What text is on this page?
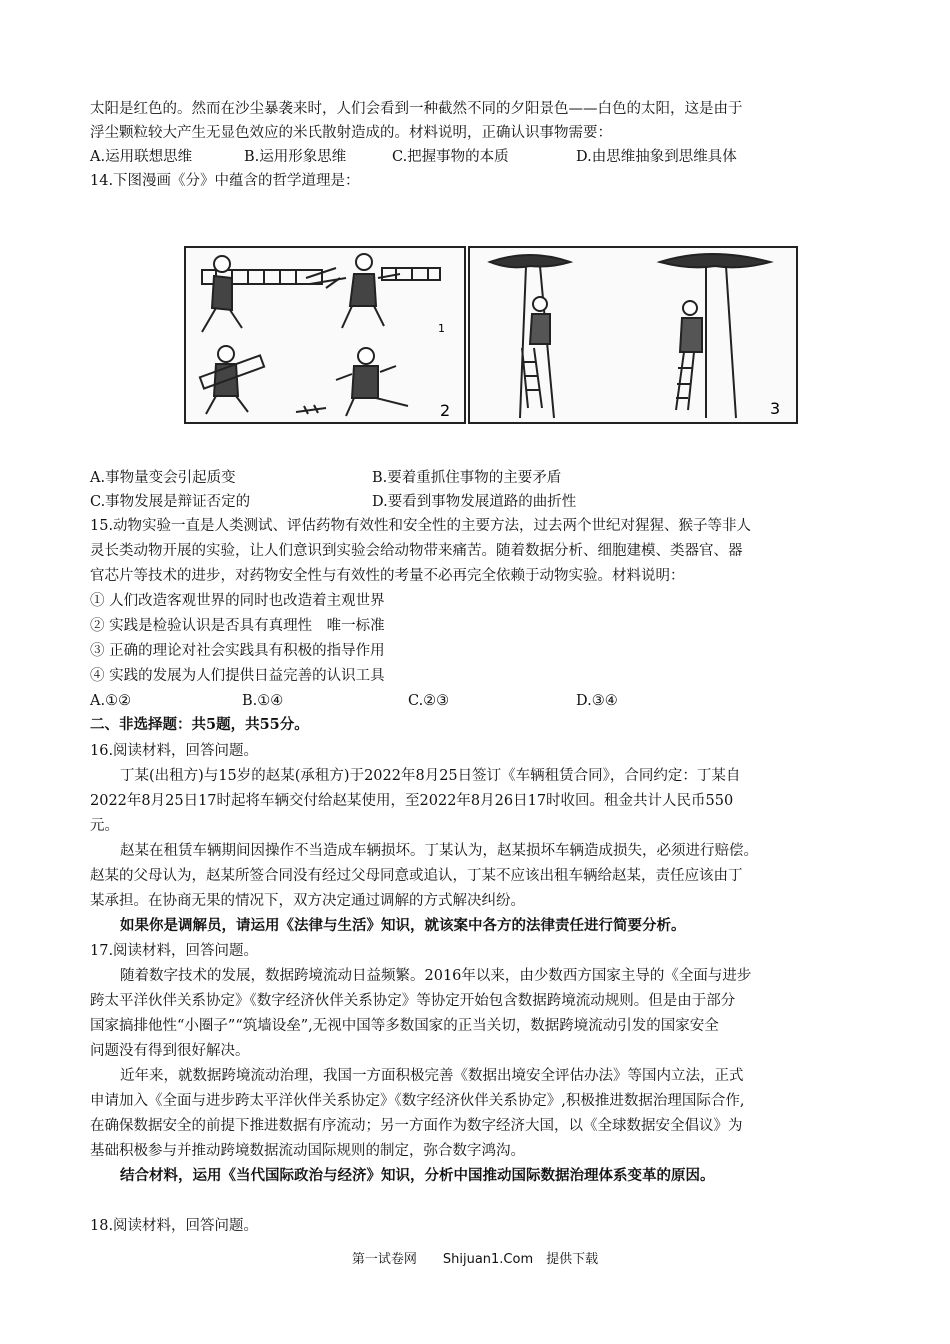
太阳是红色的。然而在沙尘暴袭来时，人们会看到一种截然不同的夕阳景色——白色的太阳，这是由于
浮尘颗粒较大产生无显色效应的米氏散射造成的。材料说明，正确认识事物需要：
A.运用联想思维	B.运用形象思维	C.把握事物的本质	D.由思维抽象到思维具体
14.下图漫画《分》中蕴含的哲学道理是：
1
2	3
A.事物量变会引起质变	B.要着重抓住事物的主要矛盾
C.事物发展是辩证否定的	D.要看到事物发展道路的曲折性
15.动物实验一直是人类测试、评估药物有效性和安全性的主要方法，过去两个世纪对猩猩、猴子等非人
灵长类动物开展的实验，让人们意识到实验会给动物带来痛苦。随着数据分析、细胞建模、类器官、器
官芯片等技术的进步，对药物安全性与有效性的考量不必再完全依赖于动物实验。材料说明：
① 人们改造客观世界的同时也改造着主观世界
② 实践是检验认识是否具有真理性　唯一标准
③ 正确的理论对社会实践具有积极的指导作用
④ 实践的发展为人们提供日益完善的认识工具
A.①②	B.①④	C.②③	D.③④
二、非选择题：共5题，共55分。
16.阅读材料，回答问题。
丁某(出租方)与15岁的赵某(承租方)于2022年8月25日签订《车辆租赁合同》，合同约定：丁某自
2022年8月25日17时起将车辆交付给赵某使用，至2022年8月26日17时收回。租金共计人民币550
元。
赵某在租赁车辆期间因操作不当造成车辆损坏。丁某认为，赵某损坏车辆造成损失，必须进行赔偿。
赵某的父母认为，赵某所签合同没有经过父母同意或追认，丁某不应该出租车辆给赵某，责任应该由丁
某承担。在协商无果的情况下，双方决定通过调解的方式解决纠纷。
如果你是调解员，请运用《法律与生活》知识，就该案中各方的法律责任进行简要分析。
17.阅读材料，回答问题。
随着数字技术的发展，数据跨境流动日益频繁。2016年以来，由少数西方国家主导的《全面与进步
跨太平洋伙伴关系协定》《数字经济伙伴关系协定》等协定开始包含数据跨境流动规则。但是由于部分
国家搞排他性“小圈子”“筑墙设垒”,无视中国等多数国家的正当关切，数据跨境流动引发的国家安全
问题没有得到很好解决。
近年来，就数据跨境流动治理，我国一方面积极完善《数据出境安全评估办法》等国内立法，正式
申请加入《全面与进步跨太平洋伙伴关系协定》《数字经济伙伴关系协定》,积极推进数据治理国际合作,
在确保数据安全的前提下推进数据有序流动；另一方面作为数字经济大国，以《全球数据安全倡议》为
基础积极参与并推动跨境数据流动国际规则的制定，弥合数字鸿沟。
结合材料，运用《当代国际政治与经济》知识，分析中国推动国际数据治理体系变革的原因。
18.阅读材料，回答问题。
第一试卷网　　Shijuan1.Com　提供下载
